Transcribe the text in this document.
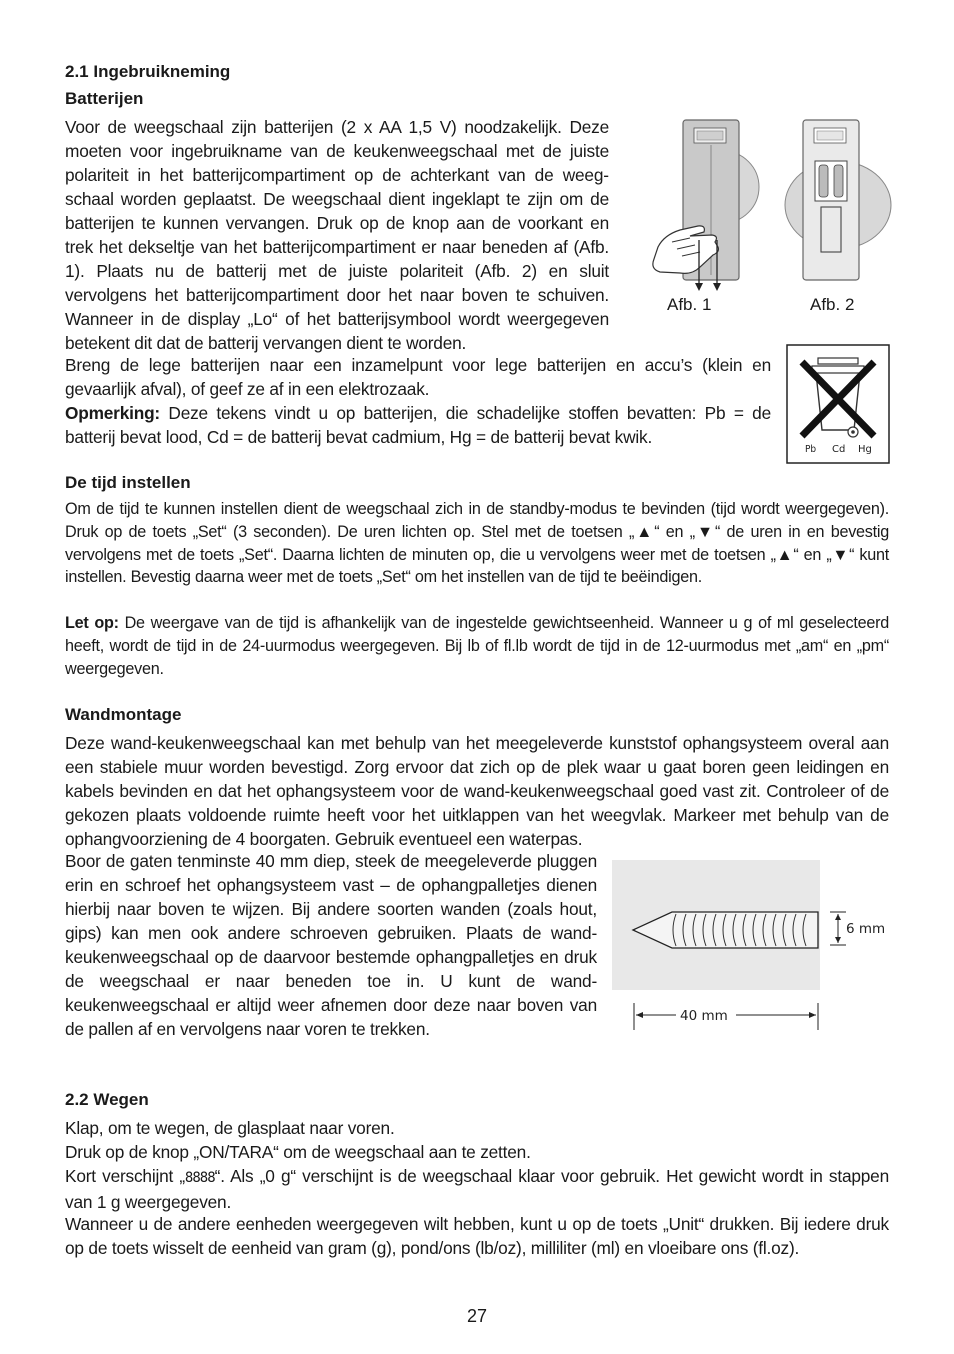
2.1 Ingebruikneming
Batterijen
Voor de weegschaal zijn batterijen (2 x AA 1,5 V) noodzakelijk. Deze moeten voor ingebruikname van de keukenweegschaal met de juiste polariteit in het batterijcompartiment op de achterkant van de weegschaal worden geplaatst. De weegschaal dient ingeklapt te zijn om de batterijen te kunnen vervangen. Druk op de knop aan de voorkant en trek het dekseltje van het batterijcompartiment er naar beneden af (Afb. 1). Plaats nu de batterij met de juiste polariteit (Afb. 2) en sluit vervolgens het batterijcompartiment door het naar boven te schuiven. Wanneer in de display „Lo“ of het batterijsymbool wordt weergegeven betekent dit dat de batterij vervangen dient te worden.
Afb. 1	Afb. 2
Breng de lege batterijen naar een inzamelpunt voor lege batterijen en accu’s (klein en gevaarlijk afval), of geef ze af in een elektrozaak.
Opmerking: Deze tekens vindt u op batterijen, die schadelijke stoffen bevatten: Pb = de batterij bevat lood, Cd = de batterij bevat cadmium, Hg = de batterij bevat kwik.
Pb Cd Hg
De tijd instellen
Om de tijd te kunnen instellen dient de weegschaal zich in de standby-modus te bevinden (tijd wordt weergegeven). Druk op de toets „Set“ (3 seconden). De uren lichten op. Stel met de toetsen „▲“ en „▼“ de uren in en bevestig vervolgens met de toets „Set“. Daarna lichten de minuten op, die u vervolgens weer met de toetsen „▲“ en „▼“ kunt instellen. Bevestig daarna weer met de toets „Set“ om het instellen van de tijd te beëindigen.
Let op: De weergave van de tijd is afhankelijk van de ingestelde gewichtseenheid. Wanneer u g of ml geselecteerd heeft, wordt de tijd in de 24-uurmodus weergegeven. Bij lb of fl.lb wordt de tijd in de 12-uurmodus met „am“ en „pm“ weergegeven.
Wandmontage
Deze wand-keukenweegschaal kan met behulp van het meegeleverde kunststof ophangsysteem overal aan een stabiele muur worden bevestigd. Zorg ervoor dat zich op de plek waar u gaat boren geen leidingen en kabels bevinden en dat het ophangsysteem voor de wand-keukenweegschaal goed vast zit. Controleer of de gekozen plaats voldoende ruimte heeft voor het uitklappen van het weegvlak. Markeer met behulp van de ophangvoorziening de 4 boorgaten. Gebruik eventueel een waterpas.
Boor de gaten tenminste 40 mm diep, steek de meegeleverde pluggen erin en schroef het ophangsysteem vast – de ophangpalletjes dienen hierbij naar boven te wijzen. Bij andere soorten wanden (zoals hout, gips) kan men ook andere schroeven gebruiken. Plaats de wand-keukenweegschaal op de daarvoor bestemde ophangpalletjes en druk de weegschaal er naar beneden toe in. U kunt de wand-keukenweegschaal er altijd weer afnemen door deze naar boven van de pallen af en vervolgens naar voren te trekken.
6 mm
40 mm
2.2 Wegen
Klap, om te wegen, de glasplaat naar voren.
Druk op de knop „ON/TARA“ om de weegschaal aan te zetten.
Kort verschijnt „8888“. Als „0 g“ verschijnt is de weegschaal klaar voor gebruik. Het gewicht wordt in stappen van 1 g weergegeven.
Wanneer u de andere eenheden weergegeven wilt hebben, kunt u op de toets „Unit“ drukken. Bij iedere druk op de toets wisselt de eenheid van gram (g), pond/ons (lb/oz), milliliter (ml) en vloeibare ons (fl.oz).
27
